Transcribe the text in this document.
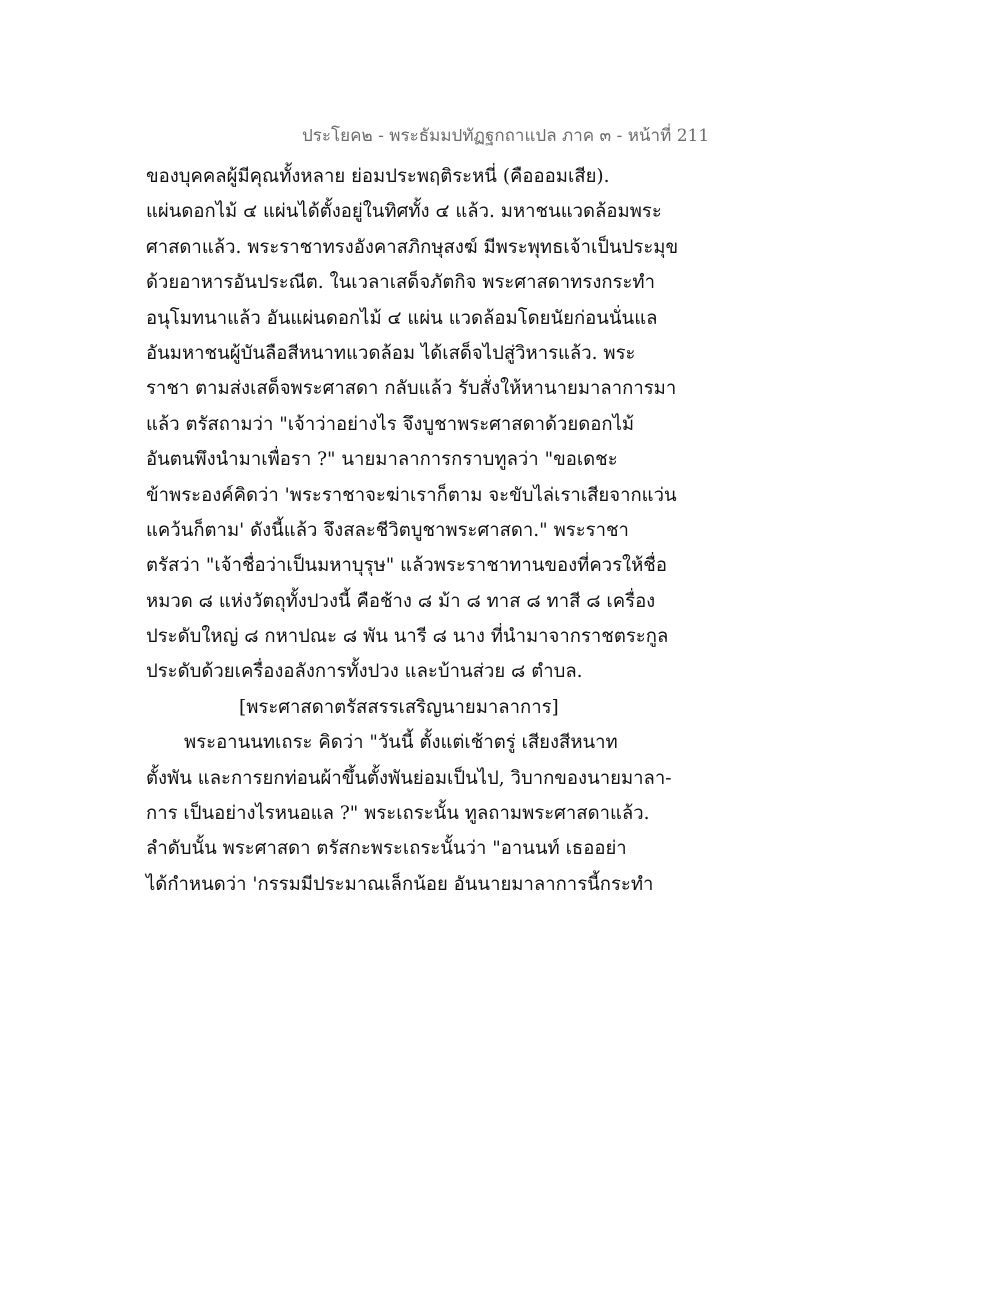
ประโยค๒ - พระธัมมปทัฏฐกถาแปล ภาค ๓ - หน้าที่ 211
ของบุคคลผู้มีคุณทั้งหลาย ย่อมประพฤติระหนี่ (คือออมเสีย).
แผ่นดอกไม้ ๔ แผ่นได้ตั้งอยู่ในทิศทั้ง ๔ แล้ว. มหาชนแวดล้อมพระ
ศาสดาแล้ว. พระราชาทรงอังคาสภิกษุสงฆ์ มีพระพุทธเจ้าเป็นประมุข
ด้วยอาหารอันประณีต. ในเวลาเสด็จภัตกิจ พระศาสดาทรงกระทำ
อนุโมทนาแล้ว อันแผ่นดอกไม้ ๔ แผ่น แวดล้อมโดยนัยก่อนนั่นแล
อันมหาชนผู้บันลือสีหนาทแวดล้อม ได้เสด็จไปสู่วิหารแล้ว. พระ
ราชา ตามส่งเสด็จพระศาสดา กลับแล้ว รับสั่งให้หานายมาลาการมา
แล้ว ตรัสถามว่า "เจ้าว่าอย่างไร จึงบูชาพระศาสดาด้วยดอกไม้
อันตนพึงนำมาเพื่อรา ?" นายมาลาการกราบทูลว่า "ขอเดชะ
ข้าพระองค์คิดว่า 'พระราชาจะฆ่าเราก็ตาม จะขับไล่เราเสียจากแว่น
แคว้นก็ตาม' ดังนี้แล้ว จึงสละชีวิตบูชาพระศาสดา." พระราชา
ตรัสว่า "เจ้าชื่อว่าเป็นมหาบุรุษ" แล้วพระราชาทานของที่ควรให้ชื่อ
หมวด ๘ แห่งวัตถุทั้งปวงนี้ คือช้าง ๘ ม้า ๘ ทาส ๘ ทาสี ๘ เครื่อง
ประดับใหญ่ ๘ กหาปณะ ๘ พัน นารี ๘ นาง ที่นำมาจากราชตระกูล
ประดับด้วยเครื่องอลังการทั้งปวง และบ้านส่วย ๘ ตำบล.
[พระศาสดาตรัสสรรเสริญนายมาลาการ]
พระอานนทเถระ คิดว่า "วันนี้ ตั้งแต่เช้าตรู่ เสียงสีหนาท
ตั้งพัน และการยกท่อนผ้าขึ้นตั้งพันย่อมเป็นไป, วิบากของนายมาลา-
การ เป็นอย่างไรหนอแล ?" พระเถระนั้น ทูลถามพระศาสดาแล้ว.
ลำดับนั้น พระศาสดา ตรัสกะพระเถระนั้นว่า "อานนท์ เธออย่า
ได้กำหนดว่า 'กรรมมีประมาณเล็กน้อย อันนายมาลาการนี้กระทำ
